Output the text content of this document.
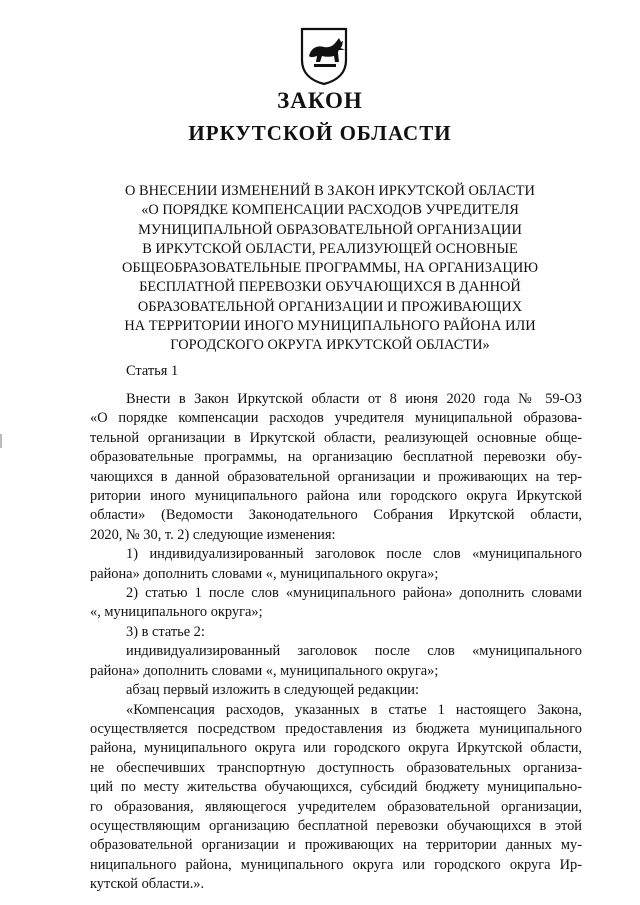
ЗАКОН
ИРКУТСКОЙ ОБЛАСТИ
О ВНЕСЕНИИ ИЗМЕНЕНИЙ В ЗАКОН ИРКУТСКОЙ ОБЛАСТИ
«О ПОРЯДКЕ КОМПЕНСАЦИИ РАСХОДОВ УЧРЕДИТЕЛЯ
МУНИЦИПАЛЬНОЙ ОБРАЗОВАТЕЛЬНОЙ ОРГАНИЗАЦИИ
В ИРКУТСКОЙ ОБЛАСТИ, РЕАЛИЗУЮЩЕЙ ОСНОВНЫЕ
ОБЩЕОБРАЗОВАТЕЛЬНЫЕ ПРОГРАММЫ, НА ОРГАНИЗАЦИЮ
БЕСПЛАТНОЙ ПЕРЕВОЗКИ ОБУЧАЮЩИХСЯ В ДАННОЙ
ОБРАЗОВАТЕЛЬНОЙ ОРГАНИЗАЦИИ И ПРОЖИВАЮЩИХ
НА ТЕРРИТОРИИ ИНОГО МУНИЦИПАЛЬНОГО РАЙОНА ИЛИ
ГОРОДСКОГО ОКРУГА ИРКУТСКОЙ ОБЛАСТИ»
Статья 1
Внести в Закон Иркутской области от 8 июня 2020 года № 59-ОЗ
«О порядке компенсации расходов учредителя муниципальной образова-
тельной организации в Иркутской области, реализующей основные обще-
образовательные программы, на организацию бесплатной перевозки обу-
чающихся в данной образовательной организации и проживающих на тер-
ритории иного муниципального района или городского округа Иркутской
области» (Ведомости Законодательного Собрания Иркутской области,
2020, № 30, т. 2) следующие изменения:
1) индивидуализированный заголовок после слов «муниципального
района» дополнить словами «, муниципального округа»;
2) статью 1 после слов «муниципального района» дополнить словами
«, муниципального округа»;
3) в статье 2:
индивидуализированный заголовок после слов «муниципального
района» дополнить словами «, муниципального округа»;
абзац первый изложить в следующей редакции:
«Компенсация расходов, указанных в статье 1 настоящего Закона,
осуществляется посредством предоставления из бюджета муниципального
района, муниципального округа или городского округа Иркутской области,
не обеспечивших транспортную доступность образовательных организа-
ций по месту жительства обучающихся, субсидий бюджету муниципально-
го образования, являющегося учредителем образовательной организации,
осуществляющим организацию бесплатной перевозки обучающихся в этой
образовательной организации и проживающих на территории данных му-
ниципального района, муниципального округа или городского округа Ир-
кутской области.».
